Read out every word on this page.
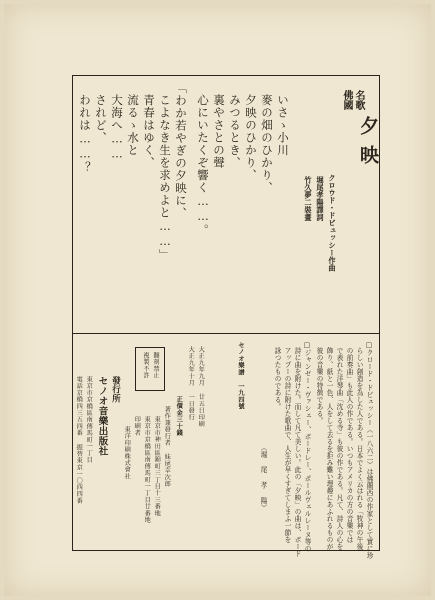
佛國 名歌
夕映
クロウド・ドビュッシー作曲
堀尾孝陽譯詞
竹久夢二裝畫
いさゝ小川
麥の畑のひかり、
夕映のひかり、
みつるとき、
裏やさとの聲
心にいたくぞ響く……。
「わか若やぎの夕映に、
こよなき生を求めよと……」
青春はゆく、
流るゝ水と
大海へ……
されど、
われは……？
□クロード・ドビュッシー（一八六二）は佛蘭西の作家として實に珍
らしい創造を為した人である。日本でよく云はれる「牧神の午後
の前奏曲」も此人の作である。いつもアメリカの方の音樂では
で表れた洋琴曲「沈める寺」も彼の作である。凡て、詩人の心を
飾り、紙と一色、人をして去るを拒み難い理趣にあふれるものが
彼の音樂の特徴である。
□ジャンゼー・ヴァシェー、ボードレー、ポールヴェルレーヌ等の
詩に曲を附けた。而して凡て美しい。此の「夕映」の曲は、ボード
アップーの詩に附けた歌曲で、人生が早くすぎてしまふ一節を
詠つたものである。
（堀 尾 孝 陽）
セノオ樂譜 一九四號
複製不許 翻刻禁止	大正九年九月 廿五日印刷
大正九年十月 一日發行
正價金三十錢
著作兼發行者 妹尾幸次郎
東京市神田區錦町三丁目十三番地
東京市京橋區南傳馬町一丁目廿番地
印刷者
東洋印刷株式會社
發行所
セノオ音樂出版社
東京市京橋區南傳馬町一丁目
電話京橋四三五四番 振替東京一〇四四番
